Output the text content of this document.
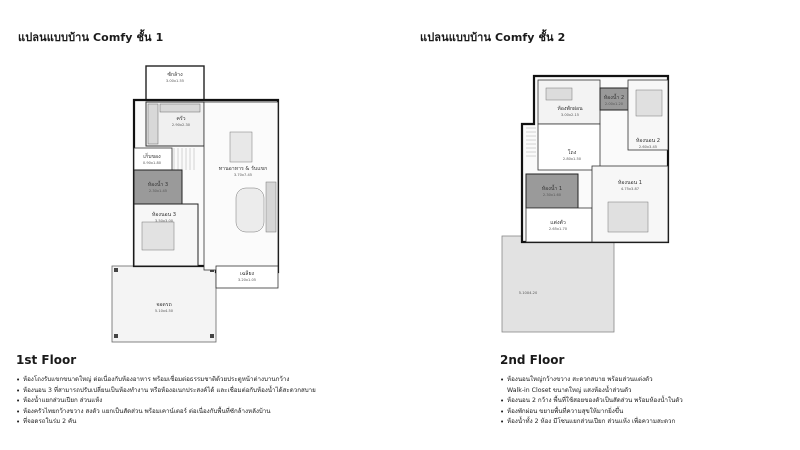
แปลนแบบบ้าน Comfy ชั้น 1
ซักล้าง
3.00x1.55
ครัว
2.90x2.30
เก็บของ
0.90x1.80
ทานอาหาร & รับแขก
3.70x7.45
ห้องน้ำ 3
2.30x1.45
ห้องนอน 3
3.50x3.00
เฉลียง
3.20x1.05
จอดรถ
5.10x4.50
1st Floor
• ห้องโถงรับแขกขนาดใหญ่ ต่อเนื่องกับห้องอาหาร พร้อมเชื่อมต่อธรรมชาติด้วยประตูหน้าต่างบานกว้าง
• ห้องนอน 3 ที่สามารถปรับเปลี่ยนเป็นห้องทำงาน หรือห้องอเนกประสงค์ได้ และเชื่อมต่อกับห้องน้ำได้สะดวกสบาย
• ห้องน้ำแยกส่วนเปียก ส่วนแห้ง
• ห้องครัวไทยกว้างขวาง สงตัว แยกเป็นสัดส่วน พร้อมเคาน์เตอร์ ต่อเนื่องกับพื้นที่ซักล้างหลังบ้าน
• ที่จอดรถในร่ม 2 คัน
แปลนแบบบ้าน Comfy ชั้น 2
ห้องพักผ่อน
3.00x2.15
ห้องน้ำ 2
2.00x1.20
ห้องนอน 2
2.60x3.45
โถง
2.80x1.50
ห้องน้ำ 1
2.30x1.60
แต่งตัว
2.65x1.70
ห้องนอน 1
4.75x3.87
5.10X4.20
2nd Floor
• ห้องนอนใหญ่กว้างขวาง สะดวกสบาย พร้อมส่วนแต่งตัว
Walk-in Closet ขนาดใหญ่ แสงห้องน้ำส่วนตัว
• ห้องนอน 2 กว้าง พื้นที่ใช้สอยของตัวเป็นสัดส่วน พร้อมห้องน้ำในตัว
• ห้องพักผ่อน ขยายพื้นที่ความสุขให้มากยิ่งขึ้น
• ห้องน้ำทั้ง 2 ห้อง มีโซนแยกส่วนเปียก ส่วนแห้ง เพื่อความสะดวก
